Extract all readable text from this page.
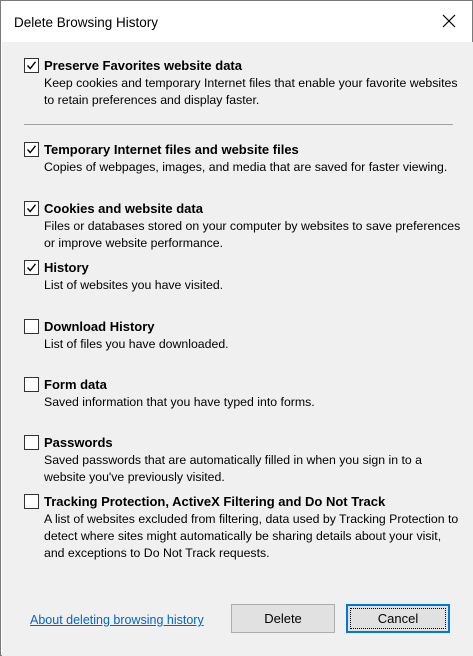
Delete Browsing History
Preserve Favorites website data
Keep cookies and temporary Internet files that enable your favorite websites to retain preferences and display faster.
Temporary Internet files and website files
Copies of webpages, images, and media that are saved for faster viewing.
Cookies and website data
Files or databases stored on your computer by websites to save preferences or improve website performance.
History
List of websites you have visited.
Download History
List of files you have downloaded.
Form data
Saved information that you have typed into forms.
Passwords
Saved passwords that are automatically filled in when you sign in to a website you've previously visited.
Tracking Protection, ActiveX Filtering and Do Not Track
A list of websites excluded from filtering, data used by Tracking Protection to detect where sites might automatically be sharing details about your visit, and exceptions to Do Not Track requests.
About deleting browsing history	Delete	Cancel
